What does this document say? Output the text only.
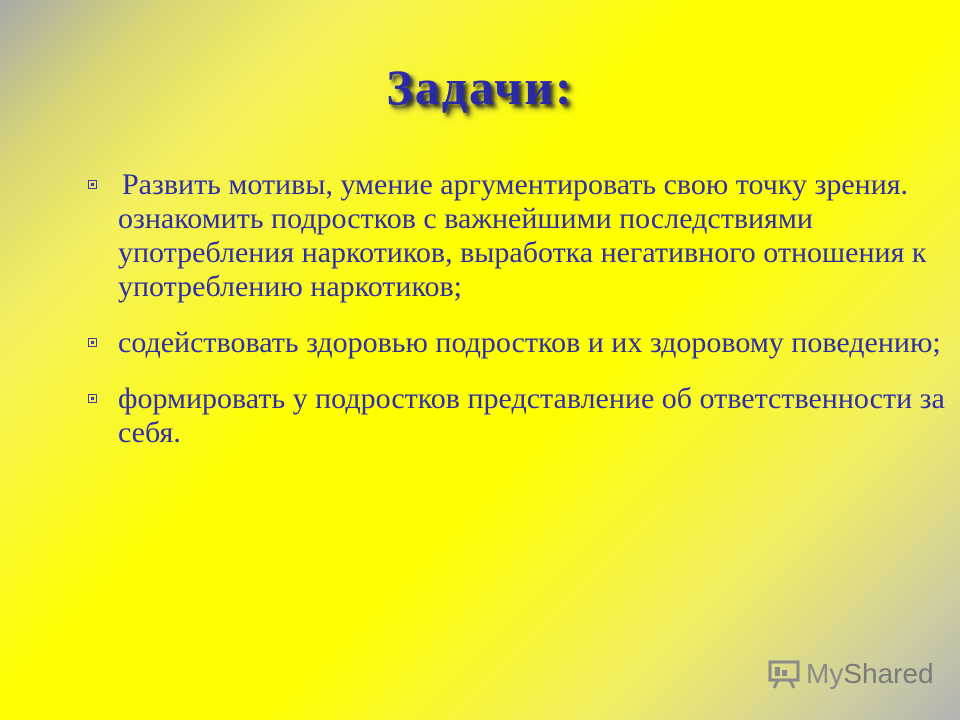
Задачи:

Развить мотивы, умение аргументировать свою точку зрения.

ознакомить подростков с важнейшими последствиями употребления наркотиков, выработка негативного отношения к употреблению наркотиков;

содействовать здоровью подростков и их здоровому поведению;

формировать у подростков представление об ответственности за себя.

MyShared
